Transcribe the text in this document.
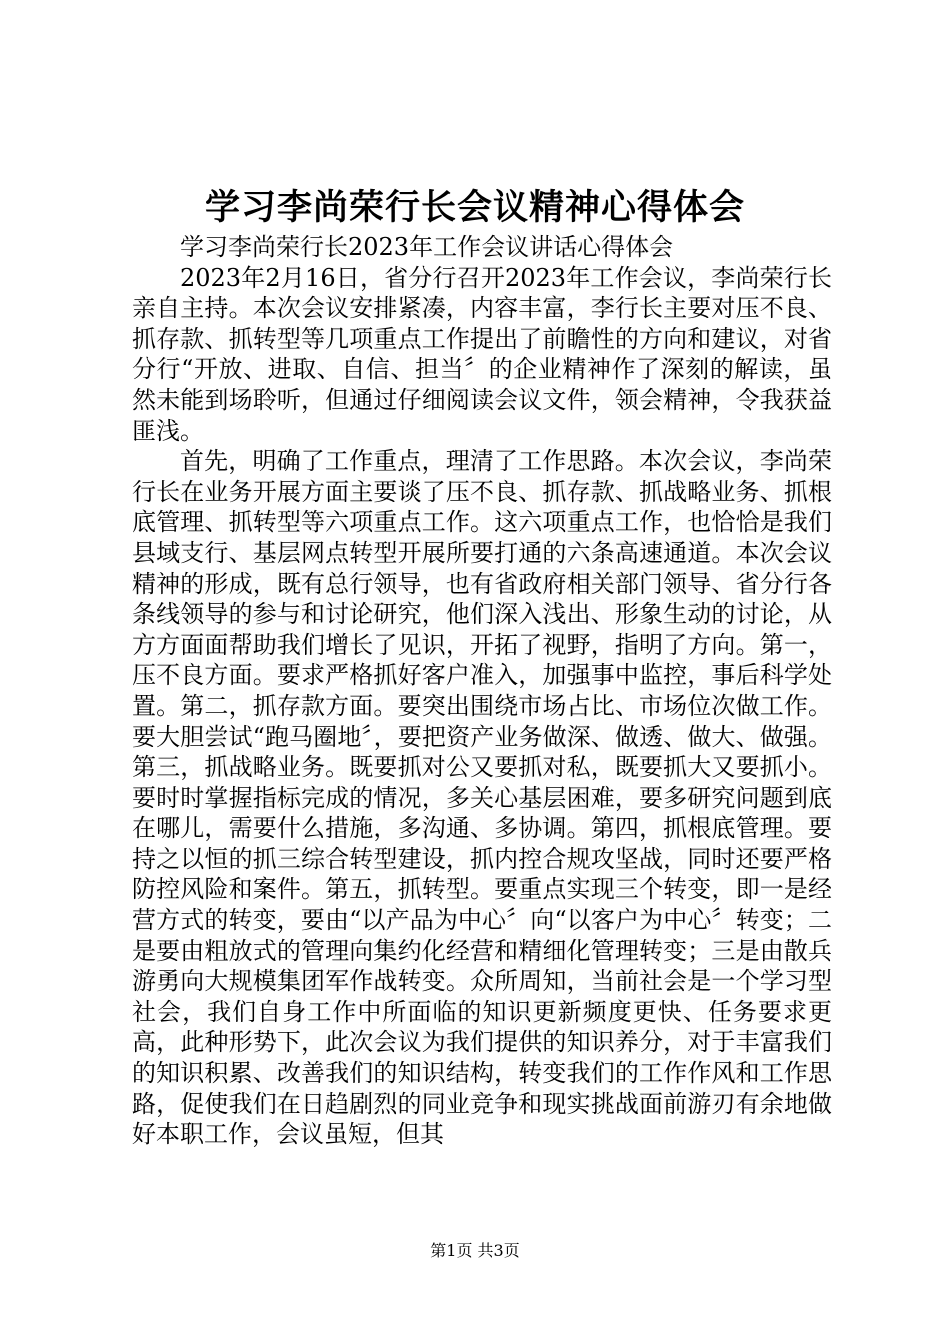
学习李尚荣行长会议精神心得体会

学习李尚荣行长2023年工作会议讲话心得体会

2023年2月16日，省分行召开2023年工作会议，李尚荣行长亲自主持。本次会议安排紧凑，内容丰富，李行长主要对压不良、抓存款、抓转型等几项重点工作提出了前瞻性的方向和建议，对省分行“开放、进取、自信、担当〞的企业精神作了深刻的解读，虽然未能到场聆听，但通过仔细阅读会议文件，领会精神，令我获益匪浅。

首先，明确了工作重点，理清了工作思路。本次会议，李尚荣行长在业务开展方面主要谈了压不良、抓存款、抓战略业务、抓根底管理、抓转型等六项重点工作。这六项重点工作，也恰恰是我们县域支行、基层网点转型开展所要打通的六条高速通道。本次会议精神的形成，既有总行领导，也有省政府相关部门领导、省分行各条线领导的参与和讨论研究，他们深入浅出、形象生动的讨论，从方方面面帮助我们增长了见识，开拓了视野，指明了方向。第一，压不良方面。要求严格抓好客户准入，加强事中监控，事后科学处置。第二，抓存款方面。要突出围绕市场占比、市场位次做工作。要大胆尝试“跑马圈地〞，要把资产业务做深、做透、做大、做强。第三，抓战略业务。既要抓对公又要抓对私，既要抓大又要抓小。要时时掌握指标完成的情况，多关心基层困难，要多研究问题到底在哪儿，需要什么措施，多沟通、多协调。第四，抓根底管理。要持之以恒的抓三综合转型建设，抓内控合规攻坚战，同时还要严格防控风险和案件。第五，抓转型。要重点实现三个转变，即一是经营方式的转变，要由“以产品为中心〞向“以客户为中心〞转变；二是要由粗放式的管理向集约化经营和精细化管理转变；三是由散兵游勇向大规模集团军作战转变。众所周知，当前社会是一个学习型社会，我们自身工作中所面临的知识更新频度更快、任务要求更高，此种形势下，此次会议为我们提供的知识养分，对于丰富我们的知识积累、改善我们的知识结构，转变我们的工作作风和工作思路，促使我们在日趋剧烈的同业竞争和现实挑战面前游刃有余地做好本职工作，会议虽短，但其

第1页 共3页
